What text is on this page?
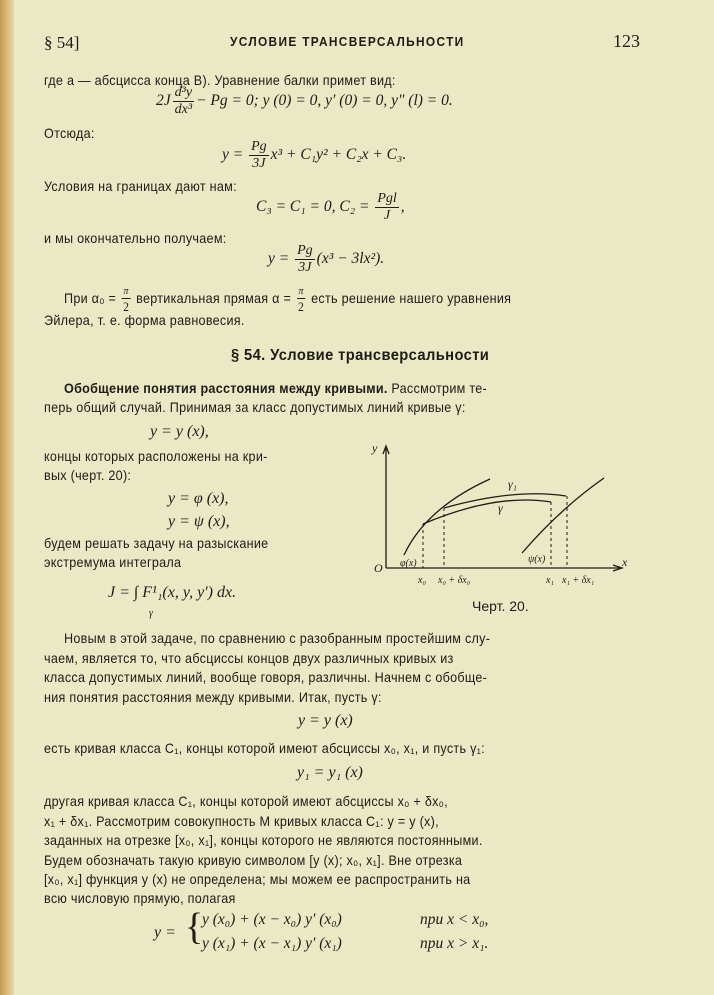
§ 54]	УСЛОВИЕ ТРАНСВЕРСАЛЬНОСТИ	123
где a — абсцисса конца B). Уравнение балки примет вид:
$2J \frac{\text{d³y}}{\text{dx³}} - Pg = 0$; y (0) = 0, y′ (0) = 0, y″ (l) = 0.
Отсюда:
$y = \frac{Pg}{3J} x^3 + C_1y^2 + C_2x + C_3$.
Условия на границах дают нам:
C₃ = C₁ = 0, $C_2 = \frac{\text{Pgl}}{J}$ ,
и мы окончательно получаем:
$y = \frac{Pg}{3J} (x^3 - 3lx^2)$.
При $\alpha_0 = \frac{\pi}{2}$ вертикальная прямая $\alpha = \frac{\pi}{2}$ есть решение нашего уравнения
Эйлера, т. е. форма равновесия.
§ 54. Условие трансверсальности
Обобщение понятия расстояния между кривыми. Рассмотрим те-
перь общий случай. Принимая за класс допустимых линий кривые γ:
y = y (x),
концы которых расположены на кри-
вых (черт. 20):
y = φ (x),
y = ψ (x),
будем решать задачу на разыскание
экстремума интеграла
J = ∫ F¹₁(x, y, y′) dx.
γ
y
x
O
γ₁
γ
φ(x)	ψ(x)
x₀ x₀ + δx₀	x₁ x₁ + δx₁
Черт. 20.
Новым в этой задаче, по сравнению с разобранным простейшим слу-
чаем, является то, что абсциссы концов двух различных кривых из
класса допустимых линий, вообще говоря, различны. Начнем с обобще-
ния понятия расстояния между кривыми. Итак, пусть γ:
y = y (x)
есть кривая класса C₁, концы которой имеют абсциссы x₀, x₁, и пусть γ₁:
y₁ = y₁ (x)
другая кривая класса C₁, концы которой имеют абсциссы x₀ + δx₀,
x₁ + δx₁. Рассмотрим совокупность M кривых класса C₁: y = y (x),
заданных на отрезке [x₀, x₁], концы которого не являются постоянными.
Будем обозначать такую кривую символом [y (x); x₀, x₁]. Вне отрезка
[x₀, x₁] функция y (x) не определена; мы можем ее распространить на
всю числовую прямую, полагая
y = {
y (x₀) + (x − x₀) y′ (x₀)	при x < x₀,
y (x₁) + (x − x₁) y′ (x₁)	при x > x₁.
